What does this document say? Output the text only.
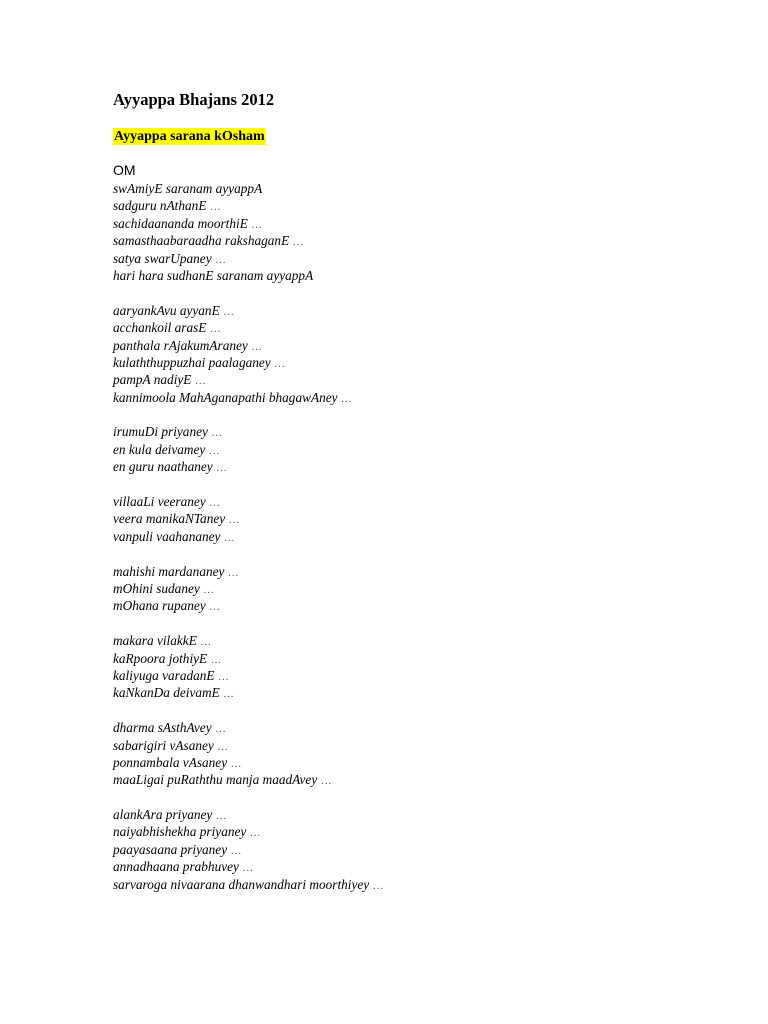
Ayyappa Bhajans 2012
Ayyappa sarana kOsham
OM
swAmiyE saranam ayyappA
sadguru nAthanE …
sachidaananda moorthiE …
samasthaabaraadha rakshaganE …
satya swarUpaney …
hari hara sudhanE saranam ayyappA
aaryankAvu ayyanE …
acchankoil arasE …
panthala rAjakumAraney …
kulaththuppuzhai paalaganey …
pampA nadiyE …
kannimoola MahAganapathi bhagawAney …
irumuDi priyaney …
en kula deivamey …
en guru naathaney …
villaaLi veeraney …
veera manikaNTaney …
vanpuli vaahananey …
mahishi mardananey …
mOhini sudaney …
mOhana rupaney …
makara vilakkE …
kaRpoora jothiyE …
kaliyuga varadanE …
kaNkanDa deivamE …
dharma sAsthAvey …
sabarigiri vAsaney …
ponnambala vAsaney …
maaLigai puRaththu manja maadAvey …
alankAra priyaney …
naiyabhishekha priyaney …
paayasaana priyaney …
annadhaana prabhuvey …
sarvaroga nivaarana dhanwandhari moorthiyey …
